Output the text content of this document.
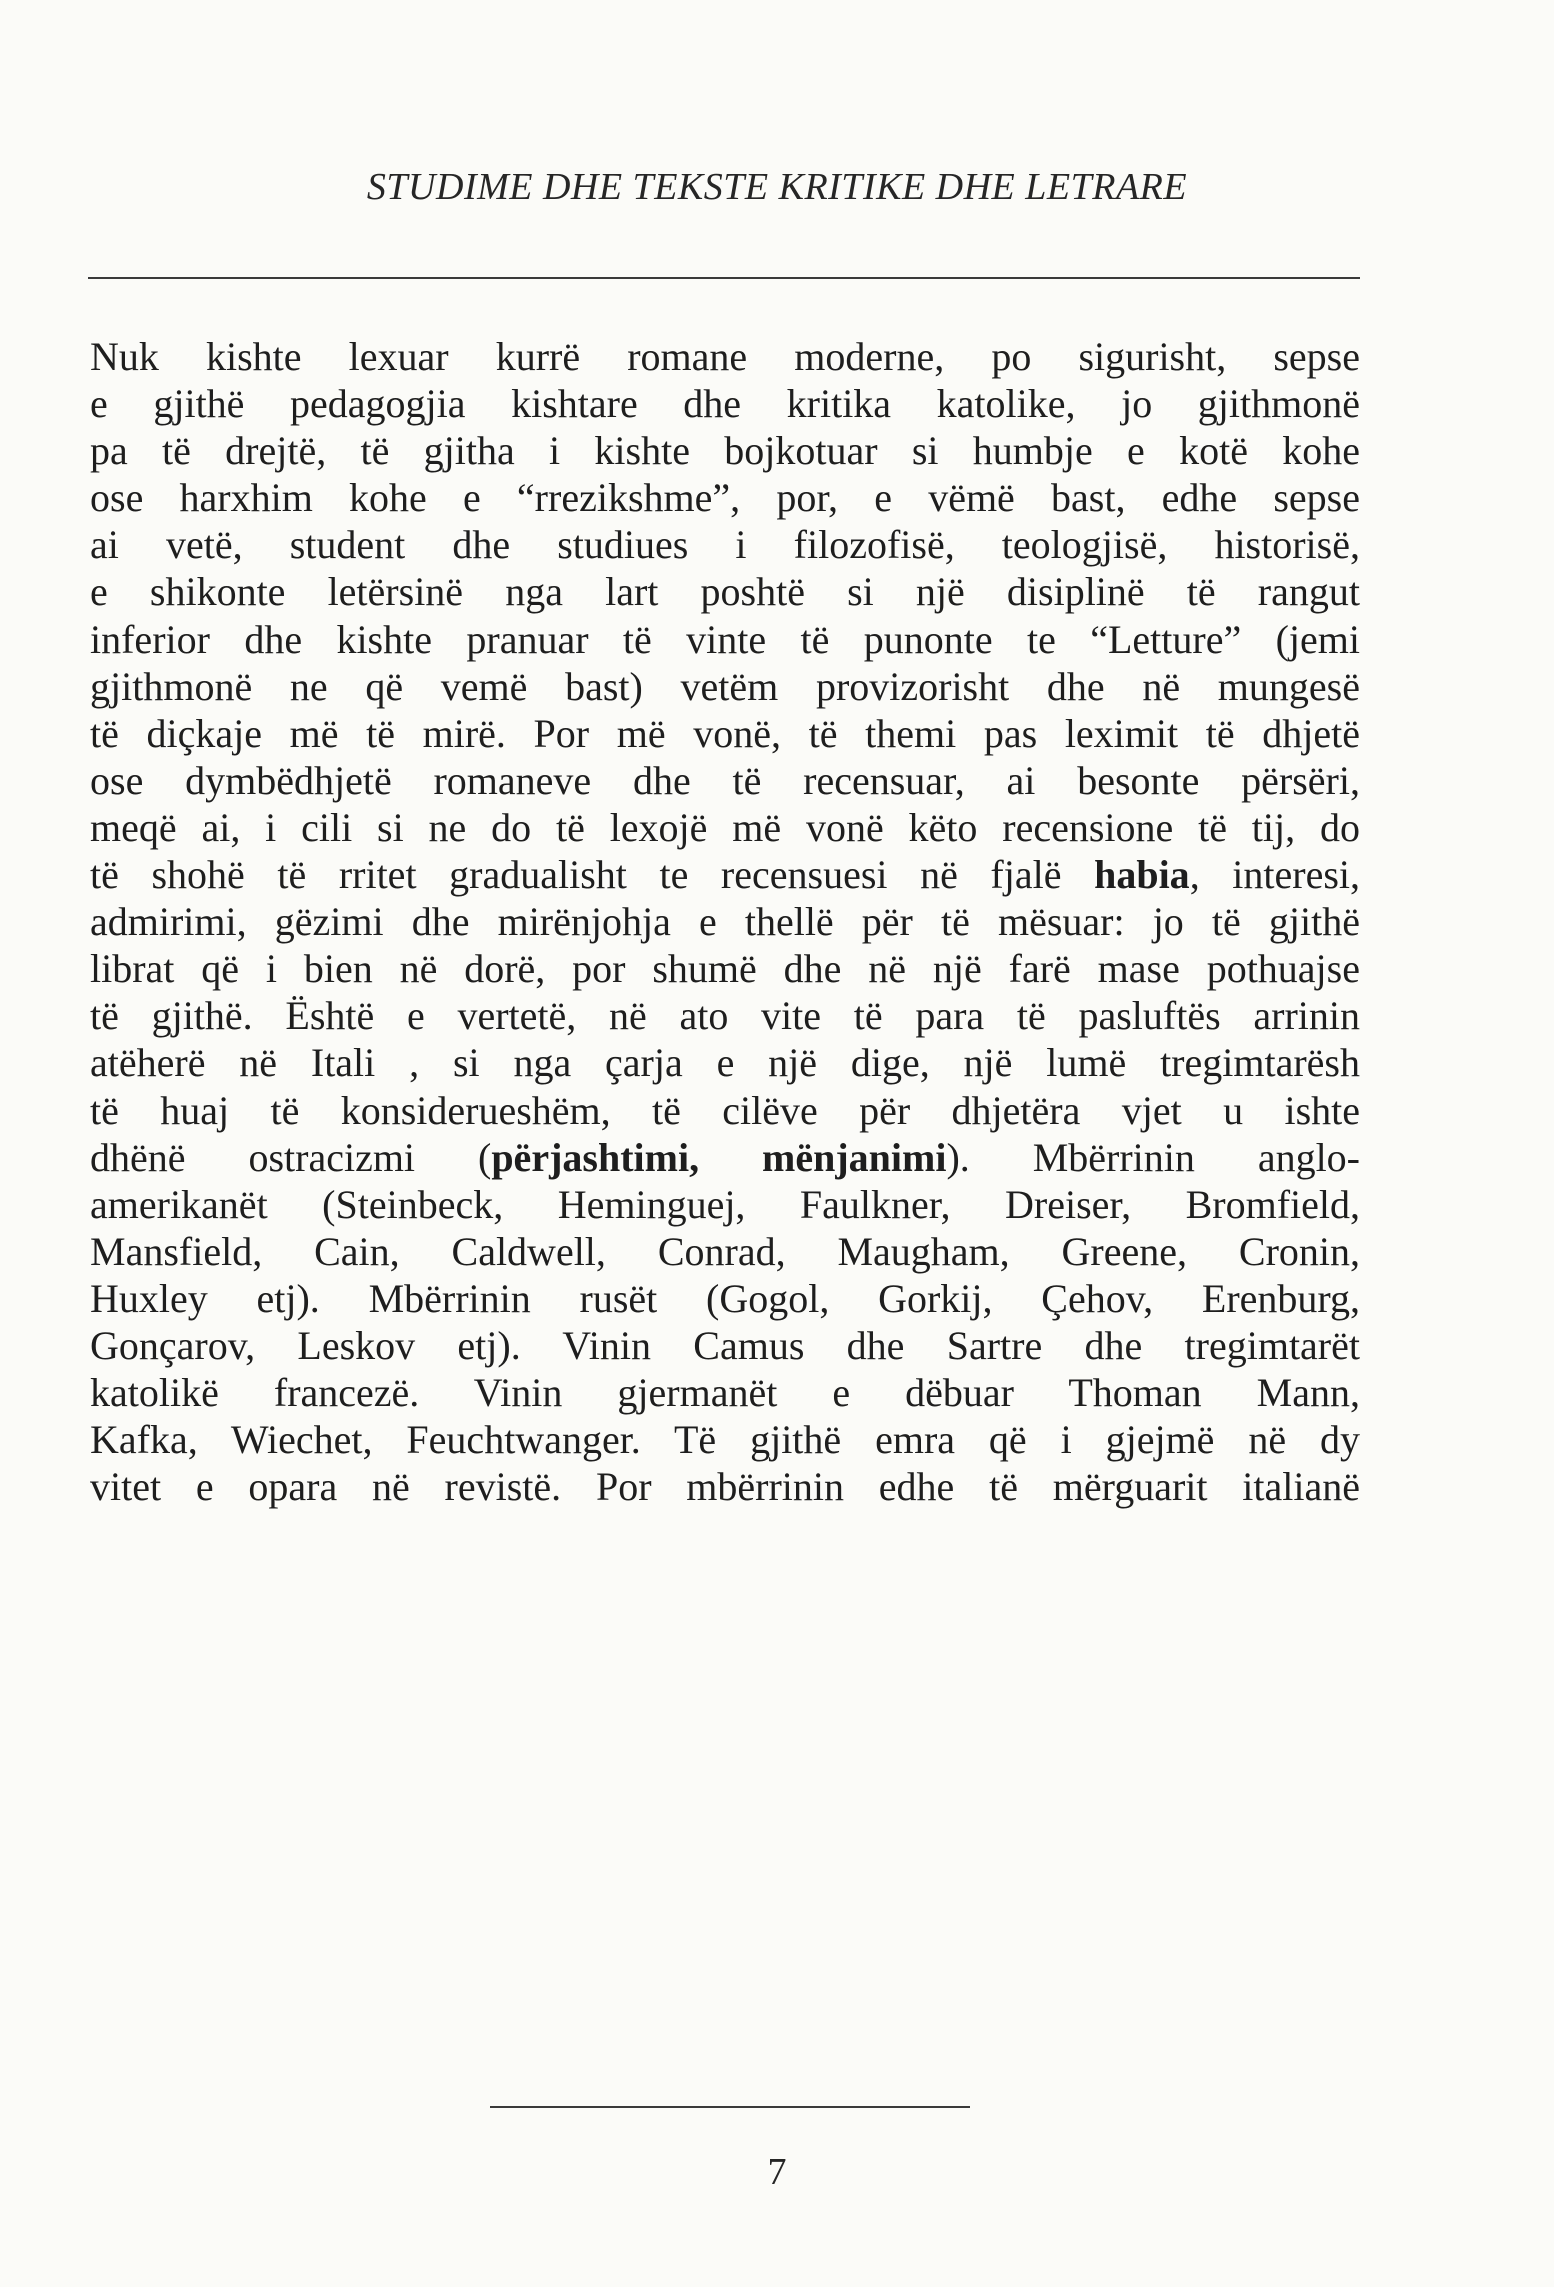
STUDIME DHE TEKSTE KRITIKE DHE LETRARE
Nuk kishte lexuar kurrë romane moderne, po sigurisht, sepse
e gjithë pedagogjia kishtare dhe kritika katolike, jo gjithmonë
pa të drejtë, të gjitha i kishte bojkotuar si humbje e kotë kohe
ose harxhim kohe e “rrezikshme”, por, e vëmë bast, edhe sepse
ai vetë, student dhe studiues i filozofisë, teologjisë, historisë,
e shikonte letërsinë nga lart poshtë si një disiplinë të rangut
inferior dhe kishte pranuar të vinte të punonte te “Letture” (jemi
gjithmonë ne që vemë bast) vetëm provizorisht dhe në mungesë
të diçkaje më të mirë. Por më vonë, të themi pas leximit të dhjetë
ose dymbëdhjetë romaneve dhe të recensuar, ai besonte përsëri,
meqë ai, i cili si ne do të lexojë më vonë këto recensione të tij, do
të shohë të rritet gradualisht te recensuesi në fjalë habia, interesi,
admirimi, gëzimi dhe mirënjohja e thellë për të mësuar: jo të gjithë
librat që i bien në dorë, por shumë dhe në një farë mase pothuajse
të gjithë. Është e vertetë, në ato vite të para të pasluftës arrinin
atëherë në Itali , si nga çarja e një dige, një lumë tregimtarësh
të huaj të konsiderueshëm, të cilëve për dhjetëra vjet u ishte
dhënë ostracizmi (përjashtimi, mënjanimi). Mbërrinin anglo-
amerikanët (Steinbeck, Heminguej, Faulkner, Dreiser, Bromfield,
Mansfield, Cain, Caldwell, Conrad, Maugham, Greene, Cronin,
Huxley etj). Mbërrinin rusët (Gogol, Gorkij, Çehov, Erenburg,
Gonçarov, Leskov etj). Vinin Camus dhe Sartre dhe tregimtarët
katolikë francezë. Vinin gjermanët e dëbuar Thoman Mann,
Kafka, Wiechet, Feuchtwanger. Të gjithë emra që i gjejmë në dy
vitet e opara në revistë. Por mbërrinin edhe të mërguarit italianë
7
